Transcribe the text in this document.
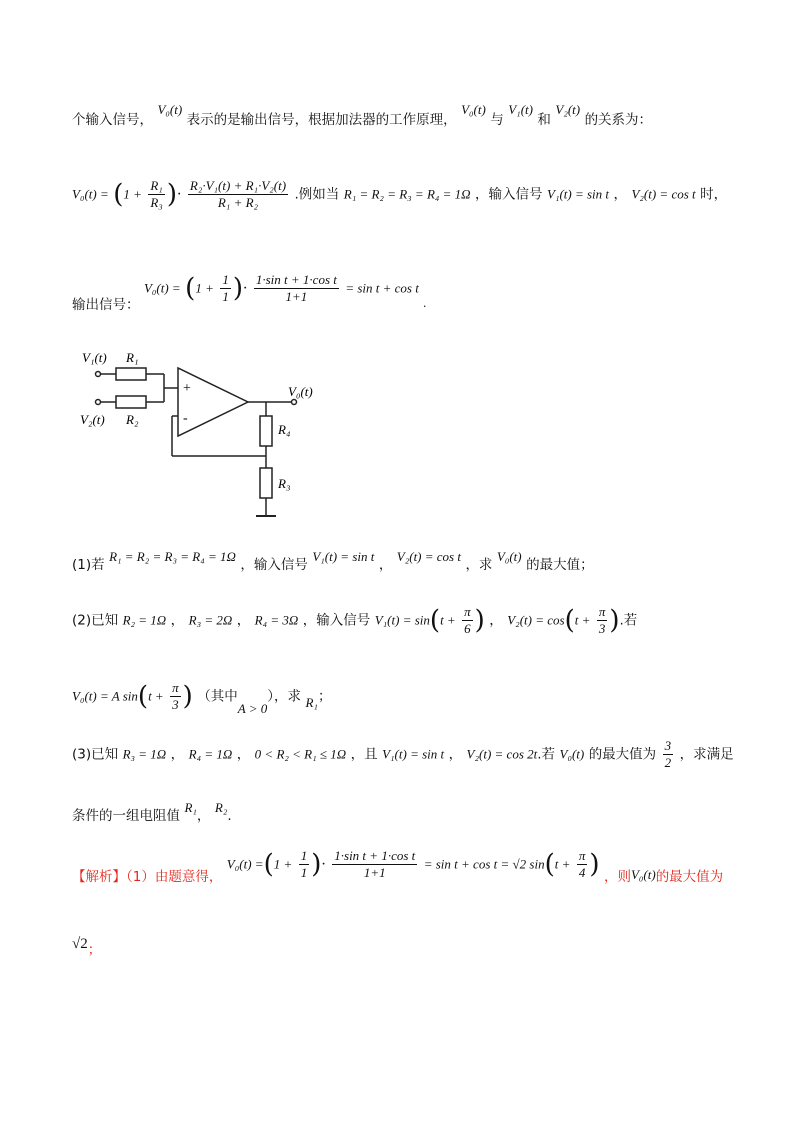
个输入信号， V₀(t) 表示的是输出信号，根据加法器的工作原理， V₀(t) 与 V₁(t) 和 V₂(t) 的关系为：
$V_0(t) = (1 + \frac{\text{R₁}}{\text{R₃}}$ )· $\frac{\text{R₂·V₁(t) + R₁·V₂(t)}}{\text{R₁ + R₂}}$ .例如当 R₁ = R₂ = R₃ = R₄ = 1Ω ，输入信号 V₁(t) = sin t ， V₂(t) = cos t 时，
输出信号： $V_0(t) = (1 + \frac{1}{1}$ )· $\frac{\text{1·sin t + 1·cos t}}{1+1} = \sin t + \cos t$ .
V₁(t) R₁
V₂(t) R₂
+
-
V₀(t)
R₄
R₃
(1)若 R₁ = R₂ = R₃ = R₄ = 1Ω ，输入信号 V₁(t) = sin t ， V₂(t) = cos t ，求 V₀(t) 的最大值；
(2)已知 R₂ = 1Ω ， R₃ = 2Ω ， R₄ = 3Ω ，输入信号 $V_1(t) = \sin(t + \frac{\pi}{6}$ ) ， $V_2(t) = \cos(t + \frac{\pi}{3}$ ).若
V₀(t) = A $\sin(t + \frac{\pi}{3}$ ) （其中A > 0），求 R₁；
(3)已知 R₃ = 1Ω ， R₄ = 1Ω ， 0 < R₂ < R₁ ≤ 1Ω ，且 V₁(t) = sin t ， V₂(t) = cos 2t.若 V₀(t) 的最大值为 $\frac{3}{2}$ ，求满足
条件的一组电阻值 R₁， R₂.
【解析】（1）由题意得， $V_0(t) =(1 + \frac{1}{1}$ )· $\frac{\text{1·sin t + 1·cos t}}{1+1} = \sin t + \cos t = √2$ $\sin(t + \frac{\pi}{4}$ ) ，则V₀(t)的最大值为
√2；
